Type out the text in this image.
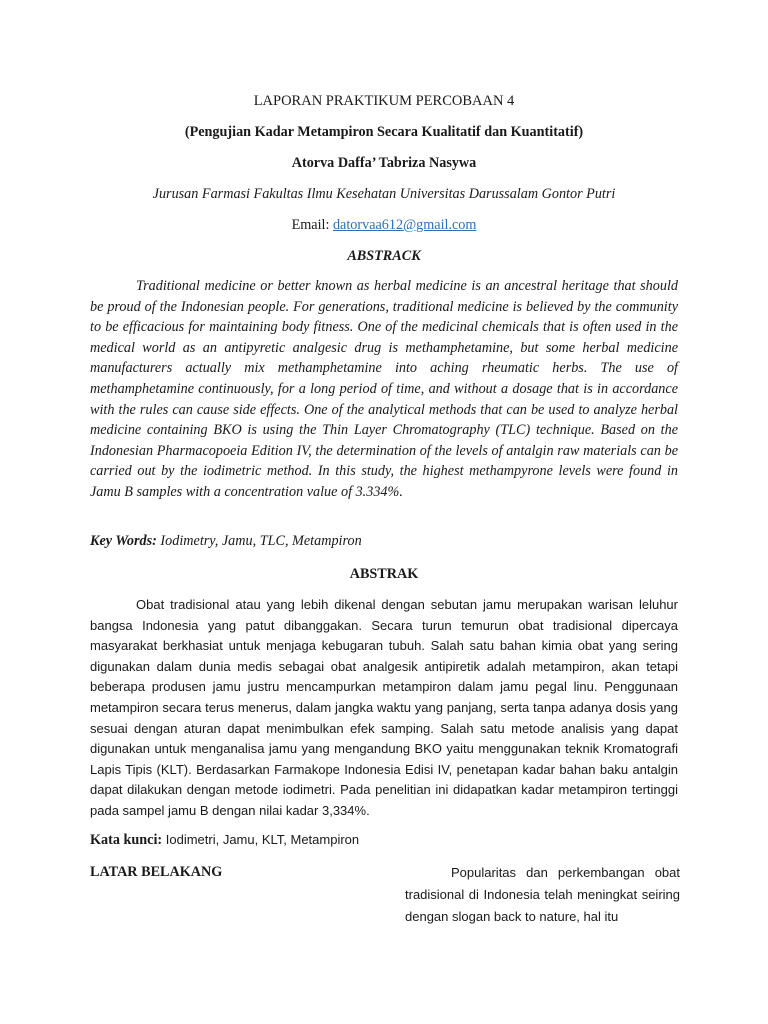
LAPORAN PRAKTIKUM PERCOBAAN 4
(Pengujian Kadar Metampiron Secara Kualitatif dan Kuantitatif)
Atorva Daffa’ Tabriza Nasywa
Jurusan Farmasi Fakultas Ilmu Kesehatan Universitas Darussalam Gontor Putri
Email: datorvaa612@gmail.com
ABSTRACK
Traditional medicine or better known as herbal medicine is an ancestral heritage that should be proud of the Indonesian people. For generations, traditional medicine is believed by the community to be efficacious for maintaining body fitness. One of the medicinal chemicals that is often used in the medical world as an antipyretic analgesic drug is methamphetamine, but some herbal medicine manufacturers actually mix methamphetamine into aching rheumatic herbs. The use of methamphetamine continuously, for a long period of time, and without a dosage that is in accordance with the rules can cause side effects. One of the analytical methods that can be used to analyze herbal medicine containing BKO is using the Thin Layer Chromatography (TLC) technique. Based on the Indonesian Pharmacopoeia Edition IV, the determination of the levels of antalgin raw materials can be carried out by the iodimetric method. In this study, the highest methampyrone levels were found in Jamu B samples with a concentration value of 3.334%.
Key Words: Iodimetry, Jamu, TLC, Metampiron
ABSTRAK
Obat tradisional atau yang lebih dikenal dengan sebutan jamu merupakan warisan leluhur bangsa Indonesia yang patut dibanggakan. Secara turun temurun obat tradisional dipercaya masyarakat berkhasiat untuk menjaga kebugaran tubuh. Salah satu bahan kimia obat yang sering digunakan dalam dunia medis sebagai obat analgesik antipiretik adalah metampiron, akan tetapi beberapa produsen jamu justru mencampurkan metampiron dalam jamu pegal linu. Penggunaan metampiron secara terus menerus, dalam jangka waktu yang panjang, serta tanpa adanya dosis yang sesuai dengan aturan dapat menimbulkan efek samping. Salah satu metode analisis yang dapat digunakan untuk menganalisa jamu yang mengandung BKO yaitu menggunakan teknik Kromatografi Lapis Tipis (KLT). Berdasarkan Farmakope Indonesia Edisi IV, penetapan kadar bahan baku antalgin dapat dilakukan dengan metode iodimetri. Pada penelitian ini didapatkan kadar metampiron tertinggi pada sampel jamu B dengan nilai kadar 3,334%.
Kata kunci: Iodimetri, Jamu, KLT, Metampiron
LATAR BELAKANG	Popularitas dan perkembangan obat tradisional di Indonesia telah meningkat seiring dengan slogan back to nature, hal itu
